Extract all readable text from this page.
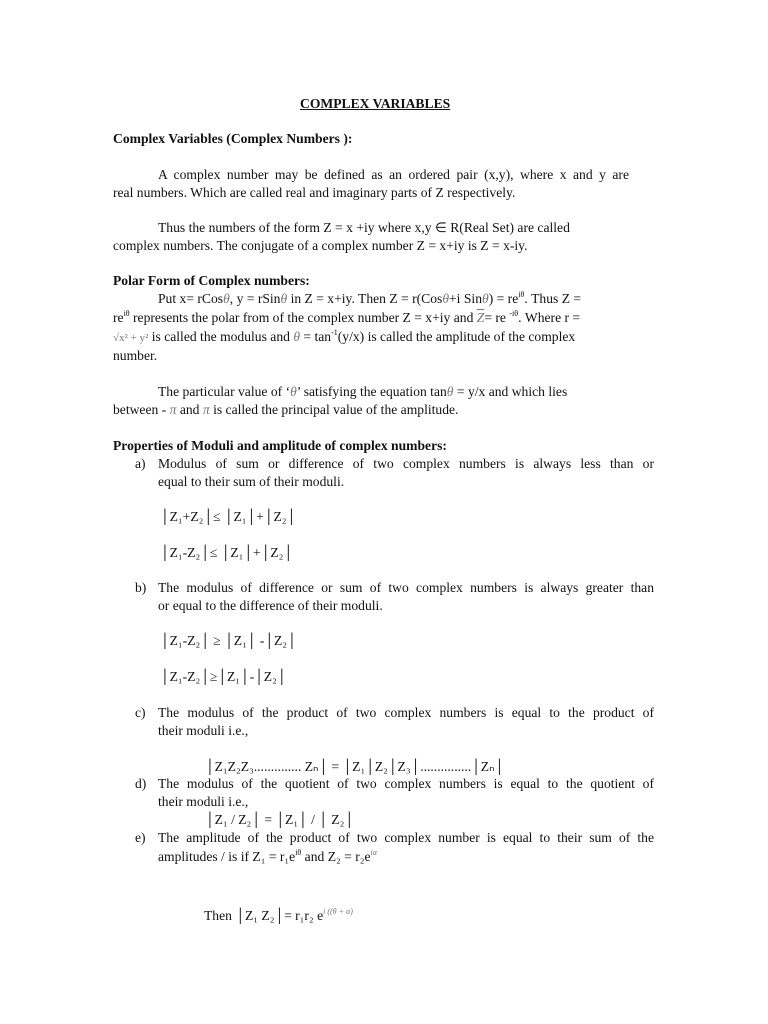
COMPLEX VARIABLES
Complex Variables (Complex Numbers ):
A complex number may be defined as an ordered pair (x,y), where x and y are
real numbers. Which are called real and imaginary parts of Z respectively.
Thus the numbers of the form Z = x +iy where x,y ∈ R(Real Set) are called
complex numbers. The conjugate of a complex number Z = x+iy is Z = x-iy.
Polar Form of Complex numbers:
Put x= rCosθ, y = rSinθ in Z = x+iy. Then Z = r(Cosθ+i $Sin\theta) = re^{i\theta}$. Thus Z =
$re^{i\theta}$ represents the polar from of the complex number Z = x+iy and $\overline{Z}=$ re $^{-i\theta}$. Where r =
√x² + y² is called the modulus and $\theta = \tan^{-1}(y/x)$ is called the amplitude of the complex
number.
The particular value of ‘θ’ satisfying the equation tanθ = y/x and which lies
between - π and π is called the principal value of the amplitude.
Properties of Moduli and amplitude of complex numbers:
a) Modulus of sum or difference of two complex numbers is always less than or
equal to their sum of their moduli.
│Z₁+Z₂│≤ │Z₁│+│Z₂│
│Z₁-Z₂│≤ │Z₁│+│Z₂│
b) The modulus of difference or sum of two complex numbers is always greater than
or equal to the difference of their moduli.
│Z₁-Z₂│ ≥ │Z₁│ -│Z₂│
│Z₁-Z₂│≥│Z₁│-│Z₂│
c) The modulus of the product of two complex numbers is equal to the product of
their moduli i.e.,
│Z₁Z₂Z₃.............. Zₙ│ = │Z₁│Z₂│Z₃│...............│Zₙ│
d) The modulus of the quotient of two complex numbers is equal to the quotient of
their moduli i.e.,
│Z₁ / Z₂│ = │Z₁│ / │ Z₂│
e) The amplitude of the product of two complex number is equal to their sum of the
amplitudes / is if $Z_1 = r_1e^{i\theta}$ and $Z_2 = r_2e^{i\alpha}$
Then │Z₁ Z₂│= r₁r₂ $e^{i ((\theta + \alpha)}$
